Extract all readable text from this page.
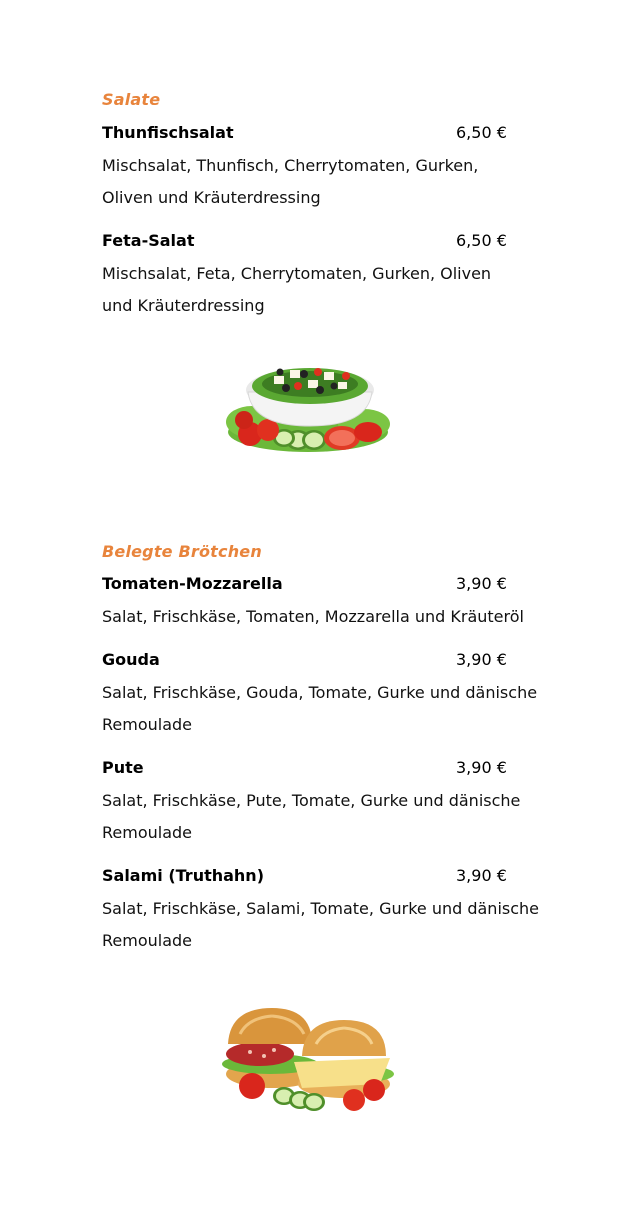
Salate
Thunfischsalat	6,50 €
Mischsalat, Thunfisch, Cherrytomaten, Gurken,
Oliven und Kräuterdressing
Feta-Salat	6,50 €
Mischsalat, Feta, Cherrytomaten, Gurken, Oliven
und Kräuterdressing
Belegte Brötchen
Tomaten-Mozzarella	3,90 €
Salat, Frischkäse, Tomaten, Mozzarella und Kräuteröl
Gouda	3,90 €
Salat, Frischkäse, Gouda, Tomate, Gurke und dänische
Remoulade
Pute	3,90 €
Salat, Frischkäse, Pute, Tomate, Gurke und dänische
Remoulade
Salami (Truthahn)	3,90 €
Salat, Frischkäse, Salami, Tomate, Gurke und dänische
Remoulade
